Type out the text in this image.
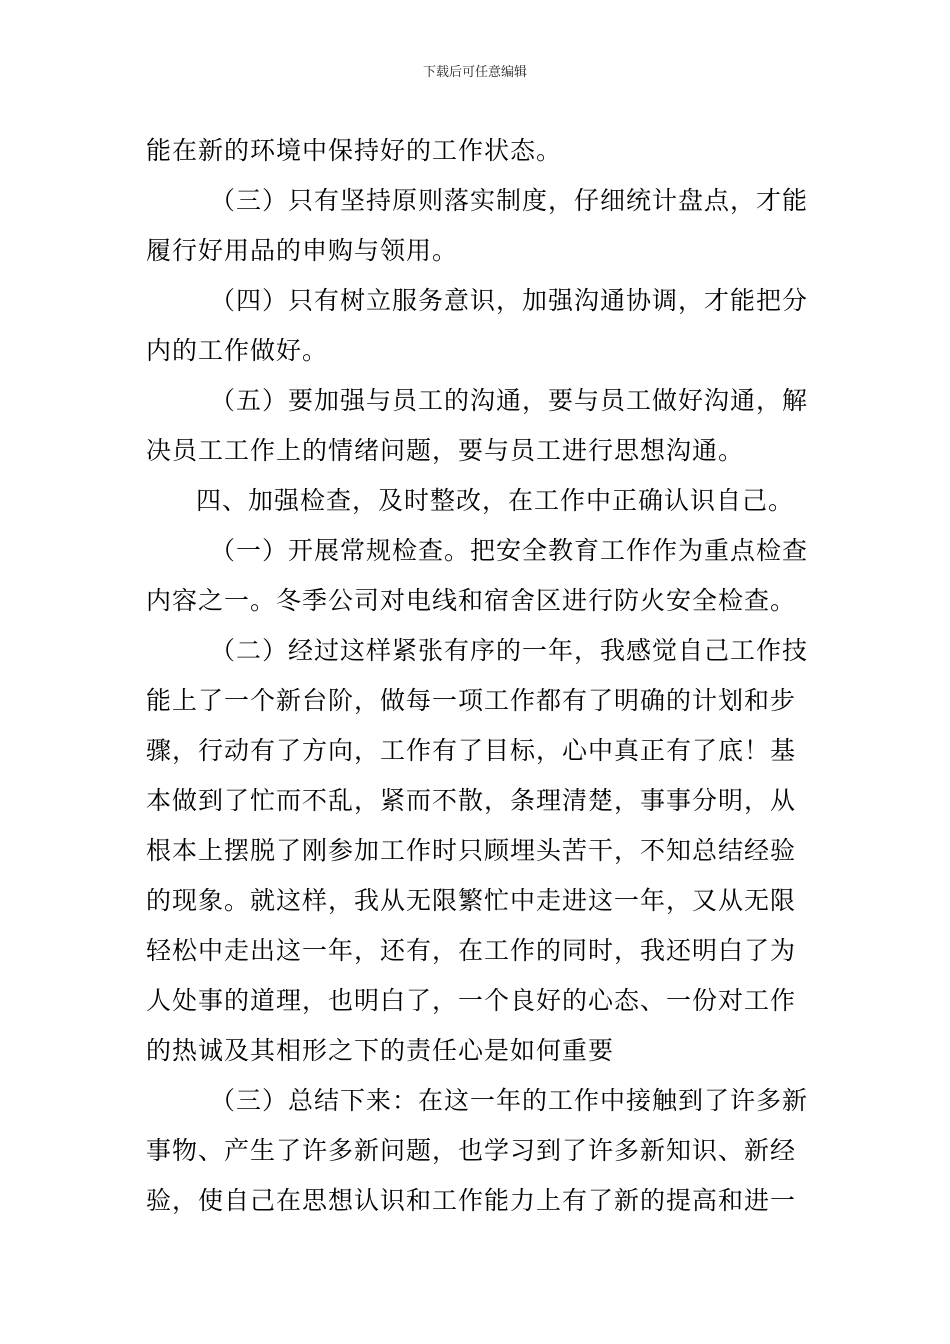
下载后可任意编辑
能在新的环境中保持好的工作状态。
（三）只有坚持原则落实制度，仔细统计盘点，才能
履行好用品的申购与领用。
（四）只有树立服务意识，加强沟通协调，才能把分
内的工作做好。
（五）要加强与员工的沟通，要与员工做好沟通，解
决员工工作上的情绪问题，要与员工进行思想沟通。
四、加强检查，及时整改，在工作中正确认识自己。
（一）开展常规检查。把安全教育工作作为重点检查
内容之一。冬季公司对电线和宿舍区进行防火安全检查。
（二）经过这样紧张有序的一年，我感觉自己工作技
能上了一个新台阶，做每一项工作都有了明确的计划和步
骤，行动有了方向，工作有了目标，心中真正有了底！基
本做到了忙而不乱，紧而不散，条理清楚，事事分明，从
根本上摆脱了刚参加工作时只顾埋头苦干，不知总结经验
的现象。就这样，我从无限繁忙中走进这一年，又从无限
轻松中走出这一年，还有，在工作的同时，我还明白了为
人处事的道理，也明白了，一个良好的心态、一份对工作
的热诚及其相形之下的责任心是如何重要
（三）总结下来：在这一年的工作中接触到了许多新
事物、产生了许多新问题，也学习到了许多新知识、新经
验，使自己在思想认识和工作能力上有了新的提高和进一
